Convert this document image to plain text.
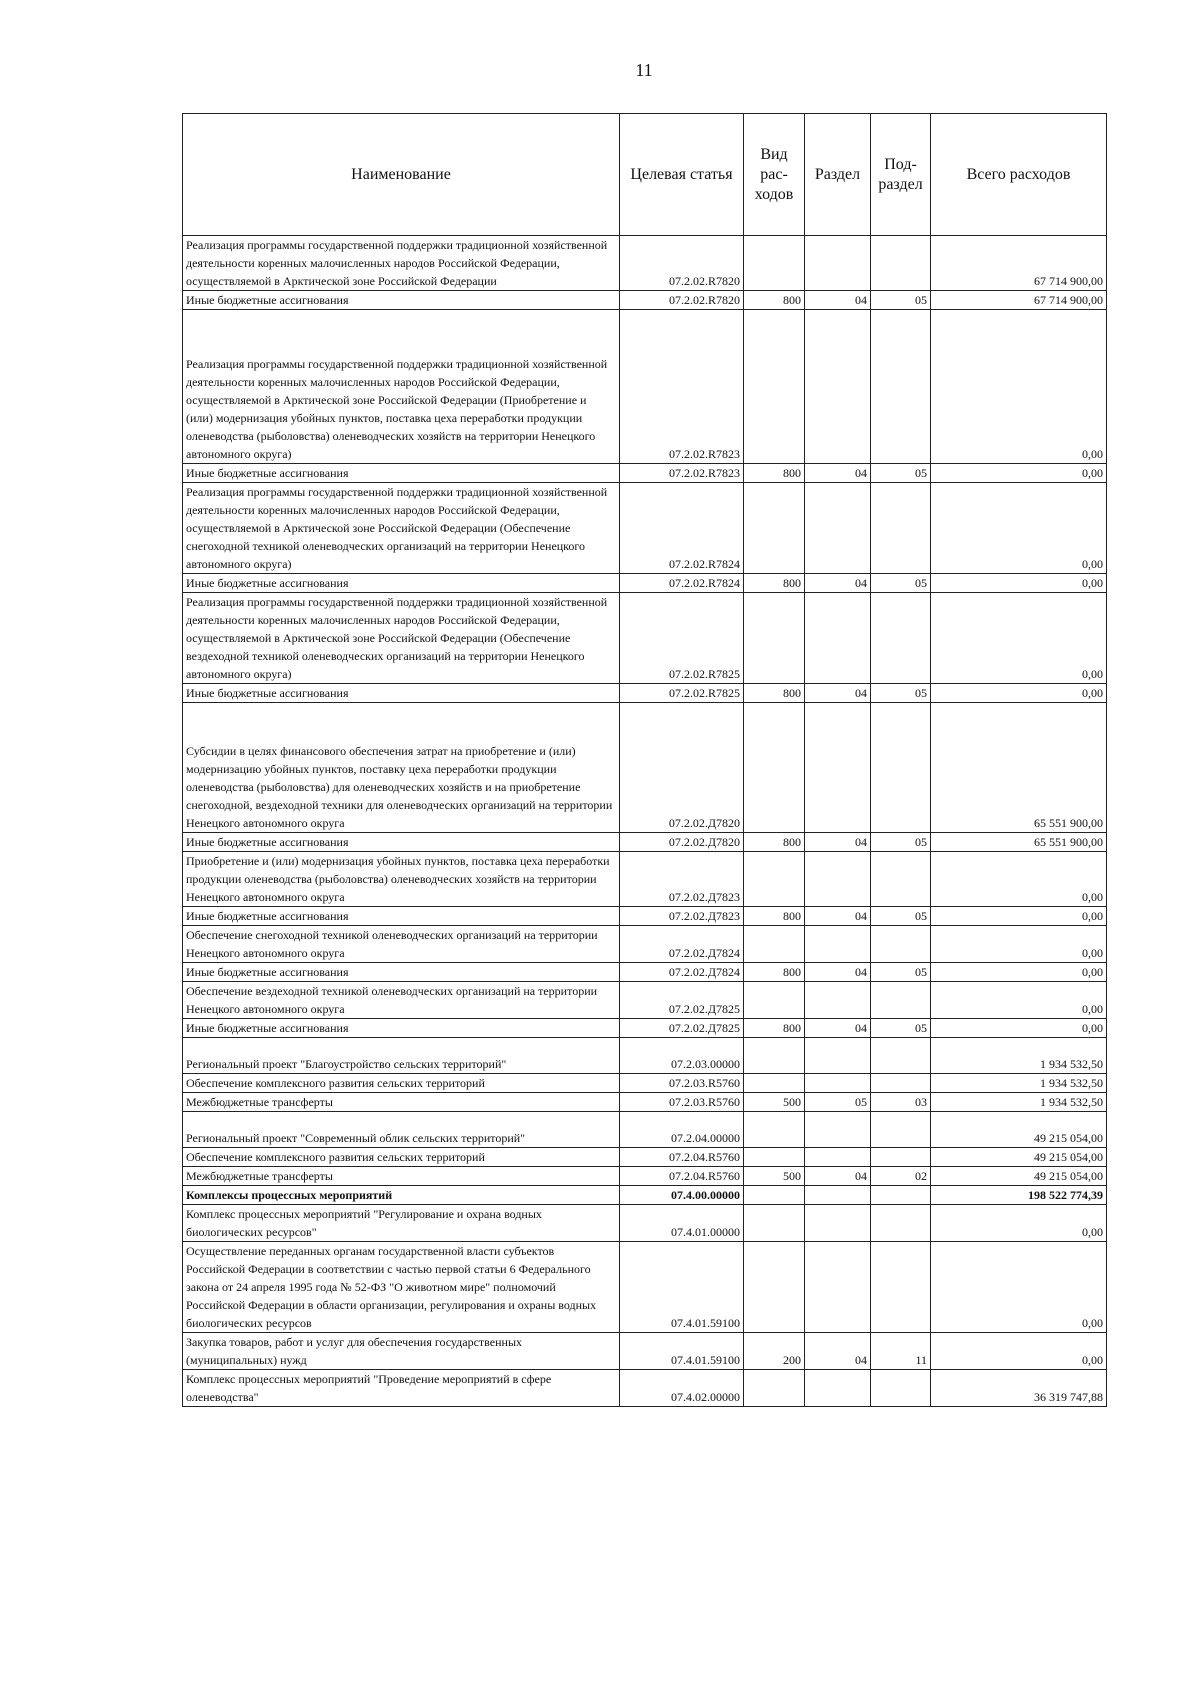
11
Наименование	Целевая статья	Вид рас-ходов	Раздел	Под-раздел	Всего расходов
Реализация программы государственной поддержки традиционной хозяйственной деятельности коренных малочисленных народов Российской Федерации, осуществляемой в Арктической зоне Российской Федерации	07.2.02.R7820				67 714 900,00
Иные бюджетные ассигнования	07.2.02.R7820	800	04	05	67 714 900,00
Реализация программы государственной поддержки традиционной хозяйственной деятельности коренных малочисленных народов Российской Федерации, осуществляемой в Арктической зоне Российской Федерации (Приобретение и (или) модернизация убойных пунктов, поставка цеха переработки продукции оленеводства (рыболовства) оленеводческих хозяйств на территории Ненецкого автономного округа)	07.2.02.R7823				0,00
Иные бюджетные ассигнования	07.2.02.R7823	800	04	05	0,00
Реализация программы государственной поддержки традиционной хозяйственной деятельности коренных малочисленных народов Российской Федерации, осуществляемой в Арктической зоне Российской Федерации (Обеспечение снегоходной техникой оленеводческих организаций на территории Ненецкого автономного округа)	07.2.02.R7824				0,00
Иные бюджетные ассигнования	07.2.02.R7824	800	04	05	0,00
Реализация программы государственной поддержки традиционной хозяйственной деятельности коренных малочисленных народов Российской Федерации, осуществляемой в Арктической зоне Российской Федерации (Обеспечение вездеходной техникой оленеводческих организаций на территории Ненецкого автономного округа)	07.2.02.R7825				0,00
Иные бюджетные ассигнования	07.2.02.R7825	800	04	05	0,00
Субсидии в целях финансового обеспечения затрат на приобретение и (или) модернизацию убойных пунктов, поставку цеха переработки продукции оленеводства (рыболовства) для оленеводческих хозяйств и на приобретение снегоходной, вездеходной техники для оленеводческих организаций на территории Ненецкого автономного округа	07.2.02.Д7820				65 551 900,00
Иные бюджетные ассигнования	07.2.02.Д7820	800	04	05	65 551 900,00
Приобретение и (или) модернизация убойных пунктов, поставка цеха переработки продукции оленеводства (рыболовства) оленеводческих хозяйств на территории Ненецкого автономного округа	07.2.02.Д7823				0,00
Иные бюджетные ассигнования	07.2.02.Д7823	800	04	05	0,00
Обеспечение снегоходной техникой оленеводческих организаций на территории Ненецкого автономного округа	07.2.02.Д7824				0,00
Иные бюджетные ассигнования	07.2.02.Д7824	800	04	05	0,00
Обеспечение вездеходной техникой оленеводческих организаций на территории Ненецкого автономного округа	07.2.02.Д7825				0,00
Иные бюджетные ассигнования	07.2.02.Д7825	800	04	05	0,00
Региональный проект "Благоустройство сельских территорий"	07.2.03.00000				1 934 532,50
Обеспечение комплексного развития сельских территорий	07.2.03.R5760				1 934 532,50
Межбюджетные трансферты	07.2.03.R5760	500	05	03	1 934 532,50
Региональный проект "Современный облик сельских территорий"	07.2.04.00000				49 215 054,00
Обеспечение комплексного развития сельских территорий	07.2.04.R5760				49 215 054,00
Межбюджетные трансферты	07.2.04.R5760	500	04	02	49 215 054,00
Комплексы процессных мероприятий	07.4.00.00000				198 522 774,39
Комплекс процессных мероприятий "Регулирование и охрана водных биологических ресурсов"	07.4.01.00000				0,00
Осуществление переданных органам государственной власти субъектов Российской Федерации в соответствии с частью первой статьи 6 Федерального закона от 24 апреля 1995 года № 52-ФЗ "О животном мире" полномочий Российской Федерации в области организации, регулирования и охраны водных биологических ресурсов	07.4.01.59100				0,00
Закупка товаров, работ и услуг для обеспечения государственных (муниципальных) нужд	07.4.01.59100	200	04	11	0,00
Комплекс процессных мероприятий "Проведение мероприятий в сфере оленеводства"	07.4.02.00000				36 319 747,88
